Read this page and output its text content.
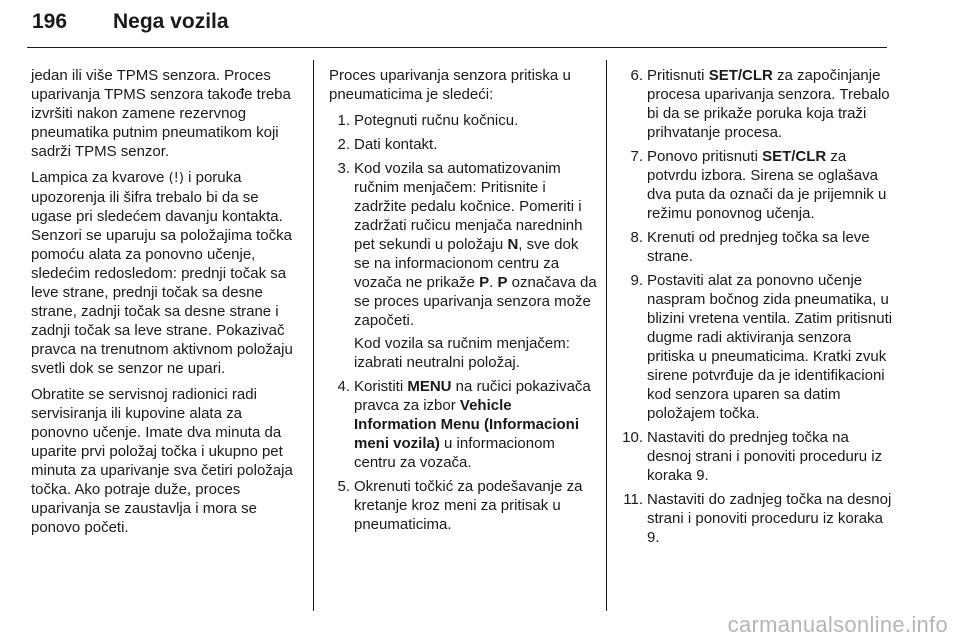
196 Nega vozila

jedan ili više TPMS senzora. Proces uparivanja TPMS senzora takođe treba izvršiti nakon zamene rezervnog pneumatika putnim pneumatikom koji sadrži TPMS senzor.

Lampica za kvarove (!) i poruka upozorenja ili šifra trebalo bi da se ugase pri sledećem davanju kontakta. Senzori se uparuju sa položajima točka pomoću alata za ponovno učenje, sledećim redosledom: prednji točak sa leve strane, prednji točak sa desne strane, zadnji točak sa desne strane i zadnji točak sa leve strane. Pokazivač pravca na trenutnom aktivnom položaju svetli dok se senzor ne upari.

Obratite se servisnoj radionici radi servisiranja ili kupovine alata za ponovno učenje. Imate dva minuta da uparite prvi položaj točka i ukupno pet minuta za uparivanje sva četiri položaja točka. Ako potraje duže, proces uparivanja se zaustavlja i mora se ponovo početi.

Proces uparivanja senzora pritiska u pneumaticima je sledeći:

1. Potegnuti ručnu kočnicu.
2. Dati kontakt.
3. Kod vozila sa automatizovanim ručnim menjačem: Pritisnite i zadržite pedalu kočnice. Pomeriti i zadržati ručicu menjača naredninh pet sekundi u položaju N, sve dok se na informacionom centru za vozača ne prikaže P. P označava da se proces uparivanja senzora može započeti.
Kod vozila sa ručnim menjačem: izabrati neutralni položaj.
4. Koristiti MENU na ručici pokazivača pravca za izbor Vehicle Information Menu (Informacioni meni vozila) u informacionom centru za vozača.
5. Okrenuti točkić za podešavanje za kretanje kroz meni za pritisak u pneumaticima.
6. Pritisnuti SET/CLR za započinjanje procesa uparivanja senzora. Trebalo bi da se prikaže poruka koja traži prihvatanje procesa.
7. Ponovo pritisnuti SET/CLR za potvrdu izbora. Sirena se oglašava dva puta da označi da je prijemnik u režimu ponovnog učenja.
8. Krenuti od prednjeg točka sa leve strane.
9. Postaviti alat za ponovno učenje naspram bočnog zida pneumatika, u blizini vretena ventila. Zatim pritisnuti dugme radi aktiviranja senzora pritiska u pneumaticima. Kratki zvuk sirene potvrđuje da je identifikacioni kod senzora uparen sa datim položajem točka.
10. Nastaviti do prednjeg točka na desnoj strani i ponoviti proceduru iz koraka 9.
11. Nastaviti do zadnjeg točka na desnoj strani i ponoviti proceduru iz koraka 9.
carmanualsonline.info
